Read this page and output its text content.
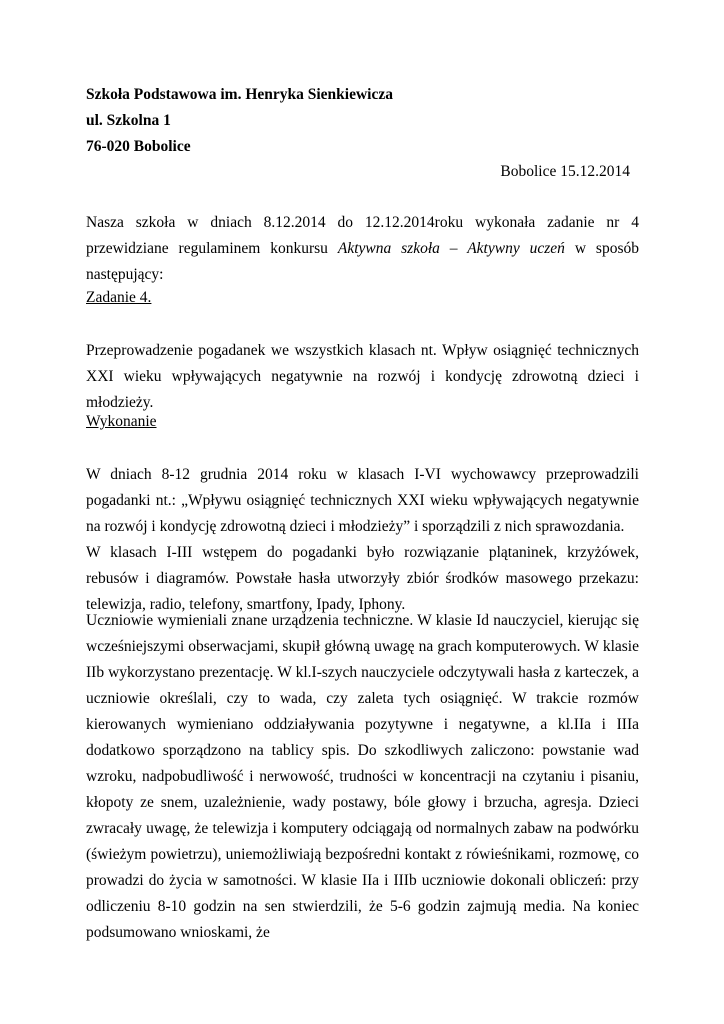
Szkoła Podstawowa im. Henryka Sienkiewicza
ul. Szkolna 1
76-020 Bobolice
Bobolice 15.12.2014
Nasza szkoła w dniach 8.12.2014 do 12.12.2014roku wykonała zadanie nr 4 przewidziane regulaminem konkursu Aktywna szkoła – Aktywny uczeń w sposób następujący:
Zadanie 4.
Przeprowadzenie pogadanek we wszystkich klasach nt. Wpływ osiągnięć technicznych XXI wieku wpływających negatywnie na rozwój i kondycję zdrowotną dzieci i młodzieży.
Wykonanie
W dniach 8-12 grudnia 2014 roku w klasach I-VI wychowawcy przeprowadzili pogadanki nt.: „Wpływu osiągnięć technicznych XXI wieku wpływających negatywnie na rozwój i kondycję zdrowotną dzieci i młodzieży” i sporządzili z nich sprawozdania.
W klasach I-III wstępem do pogadanki było rozwiązanie plątaninek, krzyżówek, rebusów i diagramów. Powstałe hasła utworzyły zbiór środków masowego przekazu: telewizja, radio, telefony, smartfony, Ipady, Iphony.
Uczniowie wymieniali znane urządzenia techniczne. W klasie Id nauczyciel, kierując się wcześniejszymi obserwacjami, skupił główną uwagę na grach komputerowych. W klasie IIb wykorzystano prezentację. W kl.I-szych nauczyciele odczytywali hasła z karteczek, a uczniowie określali, czy to wada, czy zaleta tych osiągnięć. W trakcie rozmów kierowanych wymieniano oddziaływania pozytywne i negatywne, a kl.IIa i IIIa dodatkowo sporządzono na tablicy spis. Do szkodliwych zaliczono: powstanie wad wzroku, nadpobudliwość i nerwowość, trudności w koncentracji na czytaniu i pisaniu, kłopoty ze snem, uzależnienie, wady postawy, bóle głowy i brzucha, agresja. Dzieci zwracały uwagę, że telewizja i komputery odciągają od normalnych zabaw na podwórku (świeżym powietrzu), uniemożliwiają bezpośredni kontakt z rówieśnikami, rozmowę, co prowadzi do życia w samotności. W klasie IIa i IIIb uczniowie dokonali obliczeń: przy odliczeniu 8-10 godzin na sen stwierdzili, że 5-6 godzin zajmują media. Na koniec podsumowano wnioskami, że
